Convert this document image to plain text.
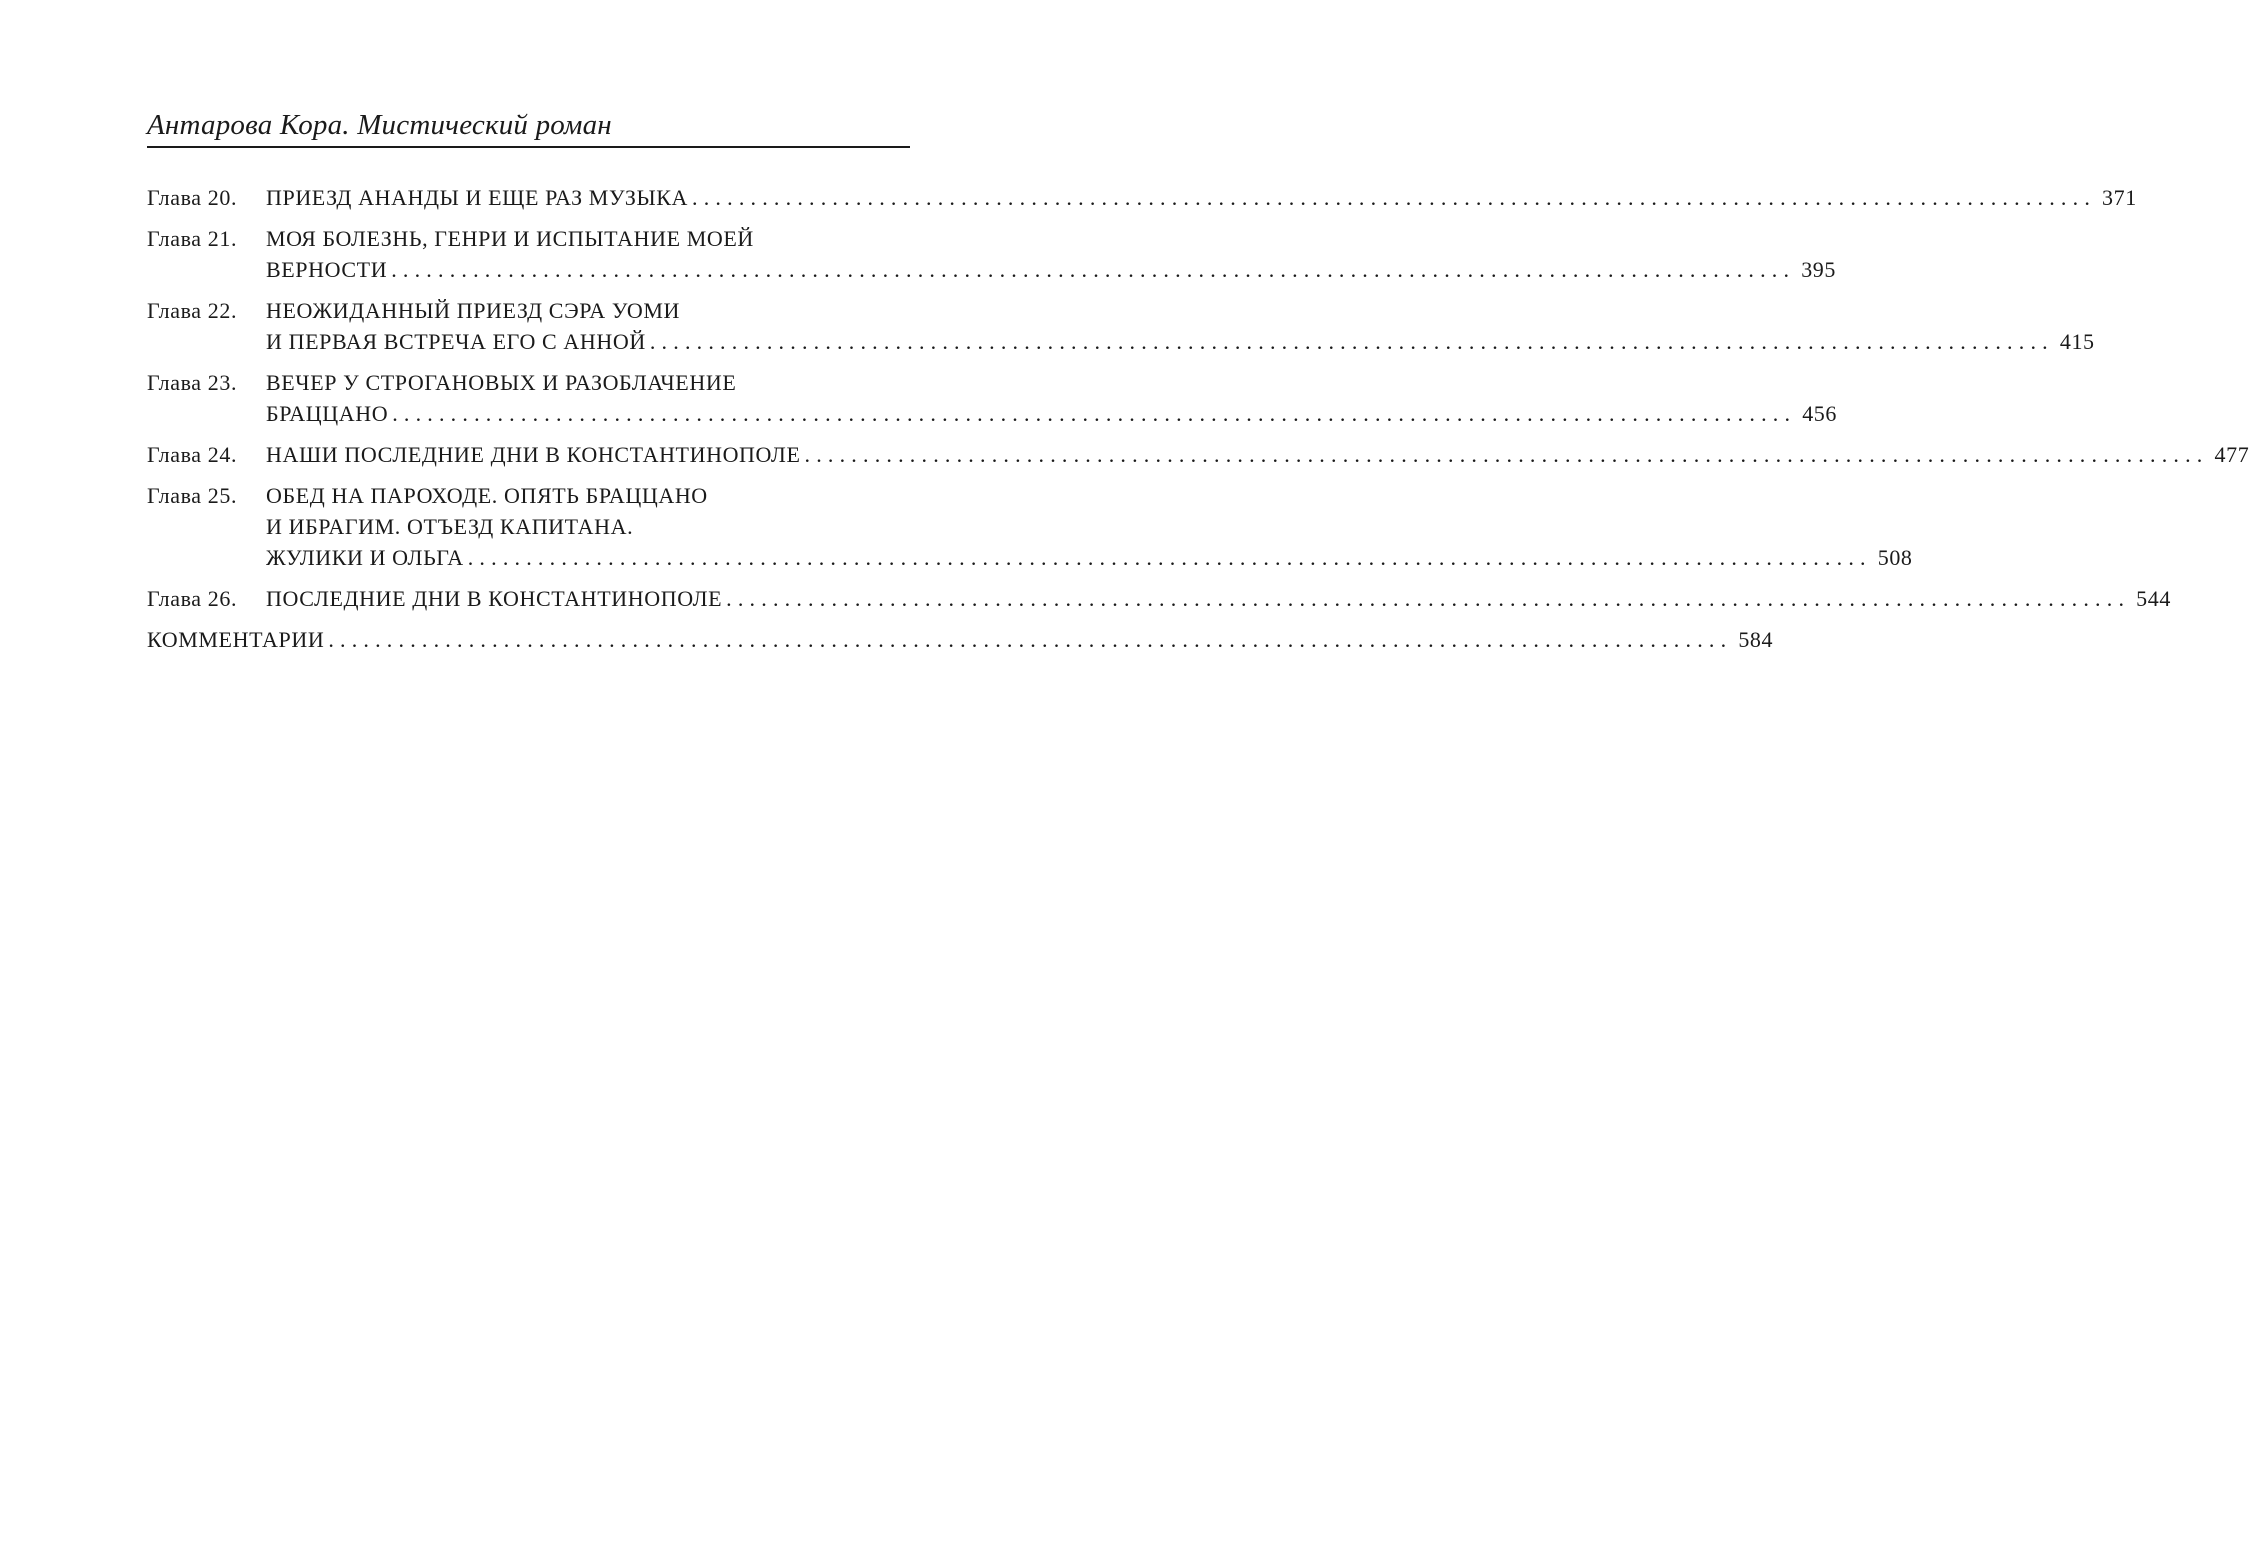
Антарова Кора. Мистический роман
Глава 20.	ПРИЕЗД АНАНДЫ И ЕЩЕ РАЗ МУЗЫКА ........................................................................................................................ 371
Глава 21.	МОЯ БОЛЕЗНЬ, ГЕНРИ И ИСПЫТАНИЕ МОЕЙ
ВЕРНОСТИ ........................................................................................................................ 395
Глава 22.	НЕОЖИДАННЫЙ ПРИЕЗД СЭРА УОМИ
И ПЕРВАЯ ВСТРЕЧА ЕГО С АННОЙ ........................................................................................................................ 415
Глава 23.	ВЕЧЕР У СТРОГАНОВЫХ И РАЗОБЛАЧЕНИЕ
БРАЦЦАНО ........................................................................................................................ 456
Глава 24.	НАШИ ПОСЛЕДНИЕ ДНИ В КОНСТАНТИНОПОЛЕ ........................................................................................................................ 477
Глава 25.	ОБЕД НА ПАРОХОДЕ. ОПЯТЬ БРАЦЦАНО
И ИБРАГИМ. ОТЪЕЗД КАПИТАНА.
ЖУЛИКИ И ОЛЬГА ........................................................................................................................ 508
Глава 26.	ПОСЛЕДНИЕ ДНИ В КОНСТАНТИНОПОЛЕ ........................................................................................................................ 544
КОММЕНТАРИИ ........................................................................................................................ 584
